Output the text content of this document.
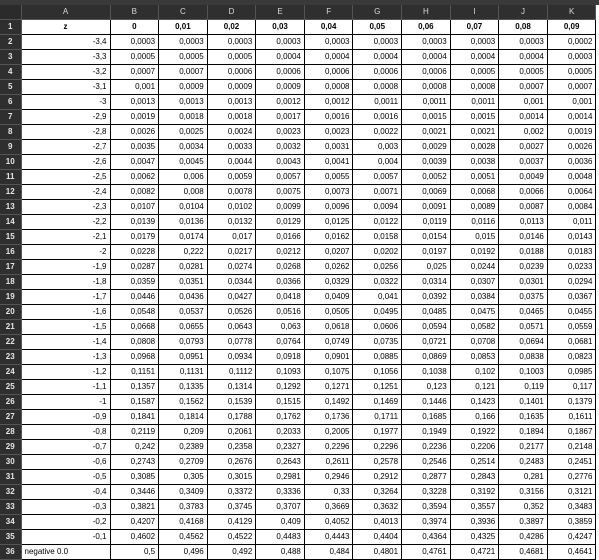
	A	B	C	D	E	F	G	H	I	J	K
1	z	0	0,01	0,02	0,03	0,04	0,05	0,06	0,07	0,08	0,09
2	-3,4	0,0003	0,0003	0,0003	0,0003	0,0003	0,0003	0,0003	0,0003	0,0003	0,0002
3	-3,3	0,0005	0,0005	0,0005	0,0004	0,0004	0,0004	0,0004	0,0004	0,0004	0,0003
4	-3,2	0,0007	0,0007	0,0006	0,0006	0,0006	0,0006	0,0006	0,0005	0,0005	0,0005
5	-3,1	0,001	0,0009	0,0009	0,0009	0,0008	0,0008	0,0008	0,0008	0,0007	0,0007
6	-3	0,0013	0,0013	0,0013	0,0012	0,0012	0,0011	0,0011	0,0011	0,001	0,001
7	-2,9	0,0019	0,0018	0,0018	0,0017	0,0016	0,0016	0,0015	0,0015	0,0014	0,0014
8	-2,8	0,0026	0,0025	0,0024	0,0023	0,0023	0,0022	0,0021	0,0021	0,002	0,0019
9	-2,7	0,0035	0,0034	0,0033	0,0032	0,0031	0,003	0,0029	0,0028	0,0027	0,0026
10	-2,6	0,0047	0,0045	0,0044	0,0043	0,0041	0,004	0,0039	0,0038	0,0037	0,0036
11	-2,5	0,0062	0,006	0,0059	0,0057	0,0055	0,0057	0,0052	0,0051	0,0049	0,0048
12	-2,4	0,0082	0,008	0,0078	0,0075	0,0073	0,0071	0,0069	0,0068	0,0066	0,0064
13	-2,3	0,0107	0,0104	0,0102	0,0099	0,0096	0,0094	0,0091	0,0089	0,0087	0,0084
14	-2,2	0,0139	0,0136	0,0132	0,0129	0,0125	0,0122	0,0119	0,0116	0,0113	0,011
15	-2,1	0,0179	0,0174	0,017	0,0166	0,0162	0,0158	0,0154	0,015	0,0146	0,0143
16	-2	0,0228	0,222	0,0217	0,0212	0,0207	0,0202	0,0197	0,0192	0,0188	0,0183
17	-1,9	0,0287	0,0281	0,0274	0,0268	0,0262	0,0256	0,025	0,0244	0,0239	0,0233
18	-1,8	0,0359	0,0351	0,0344	0,0366	0,0329	0,0322	0,0314	0,0307	0,0301	0,0294
19	-1,7	0,0446	0,0436	0,0427	0,0418	0,0409	0,041	0,0392	0,0384	0,0375	0,0367
20	-1,6	0,0548	0,0537	0,0526	0,0516	0,0505	0,0495	0,0485	0,0475	0,0465	0,0455
21	-1,5	0,0668	0,0655	0,0643	0,063	0,0618	0,0606	0,0594	0,0582	0,0571	0,0559
22	-1,4	0,0808	0,0793	0,0778	0,0764	0,0749	0,0735	0,0721	0,0708	0,0694	0,0681
23	-1,3	0,0968	0,0951	0,0934	0,0918	0,0901	0,0885	0,0869	0,0853	0,0838	0,0823
24	-1,2	0,1151	0,1131	0,1112	0,1093	0,1075	0,1056	0,1038	0,102	0,1003	0,0985
25	-1,1	0,1357	0,1335	0,1314	0,1292	0,1271	0,1251	0,123	0,121	0,119	0,117
26	-1	0,1587	0,1562	0,1539	0,1515	0,1492	0,1469	0,1446	0,1423	0,1401	0,1379
27	-0,9	0,1841	0,1814	0,1788	0,1762	0,1736	0,1711	0,1685	0,166	0,1635	0,1611
28	-0,8	0,2119	0,209	0,2061	0,2033	0,2005	0,1977	0,1949	0,1922	0,1894	0,1867
29	-0,7	0,242	0,2389	0,2358	0,2327	0,2296	0,2296	0,2236	0,2206	0,2177	0,2148
30	-0,6	0,2743	0,2709	0,2676	0,2643	0,2611	0,2578	0,2546	0,2514	0,2483	0,2451
31	-0,5	0,3085	0,305	0,3015	0,2981	0,2946	0,2912	0,2877	0,2843	0,281	0,2776
32	-0,4	0,3446	0,3409	0,3372	0,3336	0,33	0,3264	0,3228	0,3192	0,3156	0,3121
33	-0,3	0,3821	0,3783	0,3745	0,3707	0,3669	0,3632	0,3594	0,3557	0,352	0,3483
34	-0,2	0,4207	0,4168	0,4129	0,409	0,4052	0,4013	0,3974	0,3936	0,3897	0,3859
35	-0,1	0,4602	0,4562	0,4522	0,4483	0,4443	0,4404	0,4364	0,4325	0,4286	0,4247
36	negative 0.0	0,5	0,496	0,492	0,488	0,484	0,4801	0,4761	0,4721	0,4681	0,4641
